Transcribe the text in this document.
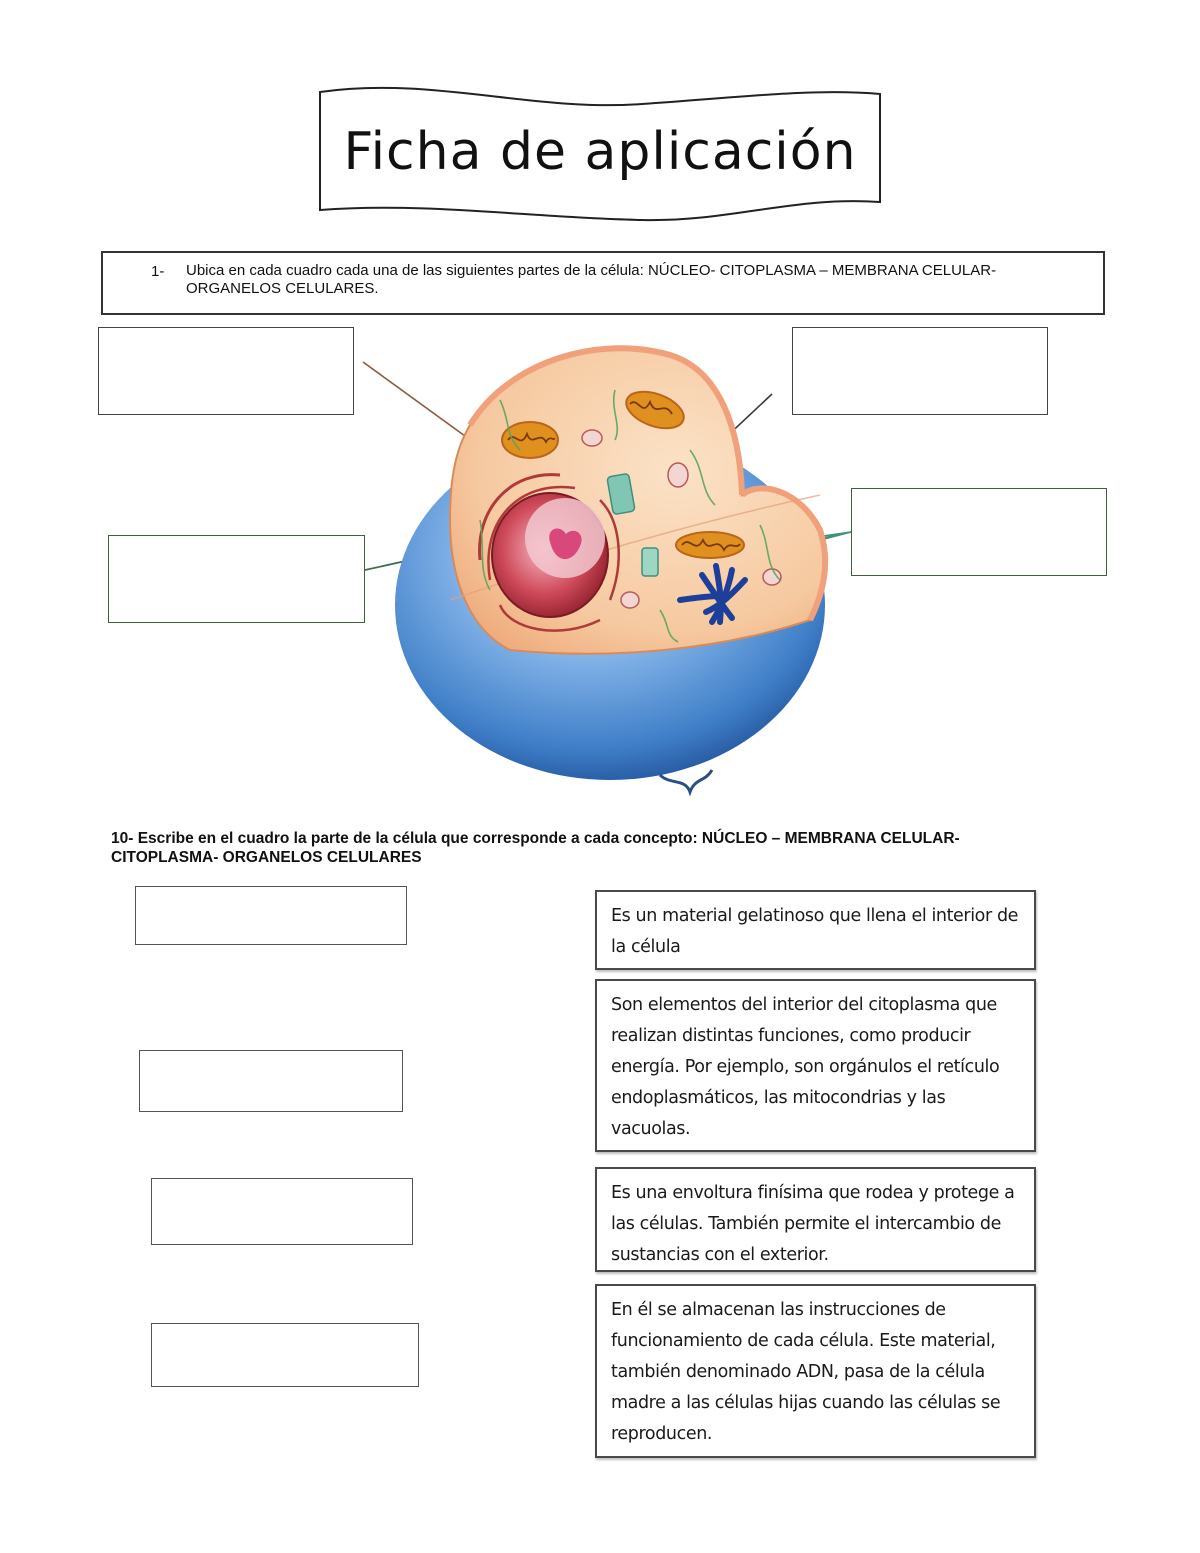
Ficha de aplicación
1- Ubica en cada cuadro cada una de las siguientes partes de la célula: NÚCLEO- CITOPLASMA – MEMBRANA CELULAR- ORGANELOS CELULARES.
10- Escribe en el cuadro la parte de la célula que corresponde a cada concepto: NÚCLEO – MEMBRANA CELULAR- CITOPLASMA- ORGANELOS CELULARES

Es un material gelatinoso que llena el interior de la célula

Son elementos del interior del citoplasma que realizan distintas funciones, como producir energía. Por ejemplo, son orgánulos el retículo endoplasmáticos, las mitocondrias y las vacuolas.

Es una envoltura finísima que rodea y protege a las células. También permite el intercambio de sustancias con el exterior.

En él se almacenan las instrucciones de funcionamiento de cada célula. Este material, también denominado ADN, pasa de la célula madre a las células hijas cuando las células se reproducen.
